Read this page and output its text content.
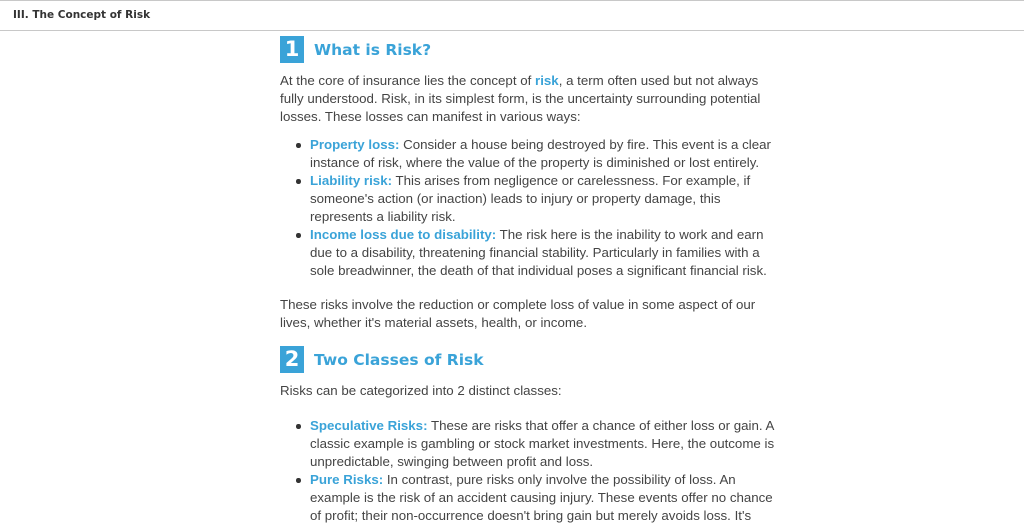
III. The Concept of Risk
1 What is Risk?

At the core of insurance lies the concept of risk, a term often used but not always fully understood. Risk, in its simplest form, is the uncertainty surrounding potential losses. These losses can manifest in various ways:

Property loss: Consider a house being destroyed by fire. This event is a clear instance of risk, where the value of the property is diminished or lost entirely.
Liability risk: This arises from negligence or carelessness. For example, if someone's action (or inaction) leads to injury or property damage, this represents a liability risk.
Income loss due to disability: The risk here is the inability to work and earn due to a disability, threatening financial stability. Particularly in families with a sole breadwinner, the death of that individual poses a significant financial risk.

These risks involve the reduction or complete loss of value in some aspect of our lives, whether it's material assets, health, or income.

2 Two Classes of Risk

Risks can be categorized into 2 distinct classes:

Speculative Risks: These are risks that offer a chance of either loss or gain. A classic example is gambling or stock market investments. Here, the outcome is unpredictable, swinging between profit and loss.
Pure Risks: In contrast, pure risks only involve the possibility of loss. An example is the risk of an accident causing injury. These events offer no chance of profit; their non-occurrence doesn't bring gain but merely avoids loss. It's
